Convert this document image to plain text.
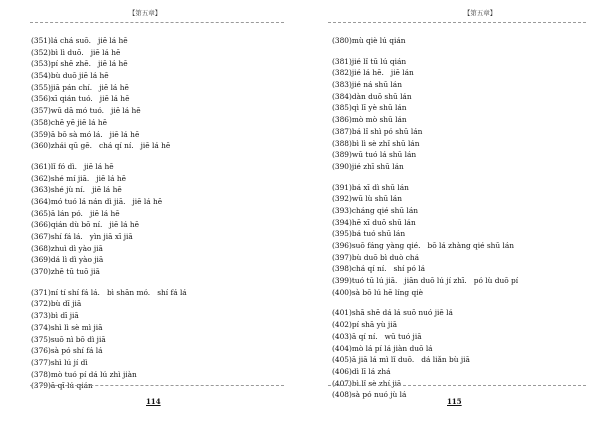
【第五章】
(351)lá chá suō.   jiē lá hē
(352)bì lì duō.   jiē lá hē
(353)pí shē zhē.   jiē lá hē
(354)bù duō jiē lá hē
(355)jiā pán chí.   jiē lá hē
(356)xī qián tuó.   jiē lá hē
(357)wū dā mó tuó.   jiē lá hē
(358)chē yē jiē lá hē
(359)ā bō sà mó lá.   jiē lá hē
(360)zhái qū gē.   chá qí ní.   jiē lá hē
(361)lǐ fó dì.   jiē lá hē
(362)shé mí jiā.   jiē lá hē
(363)shé jù ní.   jiē lá hē
(364)mó tuó lá nán dì jiā.   jiē lá hē
(365)ā lán pó.   jiē lá hē
(366)qián dù bō ní.   jiē lá hē
(367)shí fá lá.   yìn jiā xī jiā
(368)zhuì dì yào jiā
(369)dá lì dì yào jiā
(370)zhē tū tuō jiā
(371)ní tí shí fá lá.   bì shān mó.   shí fá lá
(372)bù dī jiā
(373)bì dī jiā
(374)shì lì sè mì jiā
(375)suō nì bō dì jiā
(376)sà pó shí fá lá
(377)shì lú jí dì
(378)mò tuó pí dá lú zhì jiàn
(379)ā qī lú qián
114
【第五章】
(380)mù qiè lú qián
(381)jié lǐ tū lú qián
(382)jié lá hē.   jiē lán
(383)jié ná shū lán
(384)dàn duō shū lán
(385)qì lī yè shū lán
(386)mò mò shū lán
(387)bá lǐ shì pó shū lán
(388)bì lì sè zhǐ shū lán
(389)wū tuó lá shū lán
(390)jié zhī shū lán
(391)bá xī dì shū lán
(392)wū lù shū lán
(393)cháng qié shū lán
(394)hē xī duō shū lán
(395)bá tuó shū lán
(396)suō fáng yàng qié.   bō lá zhàng qié shū lán
(397)bù duō bì duò chá
(398)chá qí ní.   shí pó lá
(399)tuó tū lú jiā.   jiān duō lú jí zhī.   pó lù duō pí
(400)sà bō lú hē líng qiè
(401)shā shē dá lá suō nuó jiē lá
(402)pí shā yù jiā
(403)ā qí ní.   wū tuó jiā
(404)mò lá pí lá jiàn duō lá
(405)ā jiā lá mì lǐ duō.   dá liǎn bù jiā
(406)dì lī lá zhá
(407)bì lǐ sè zhí jiā
(408)sà pó nuó jù lá
115
